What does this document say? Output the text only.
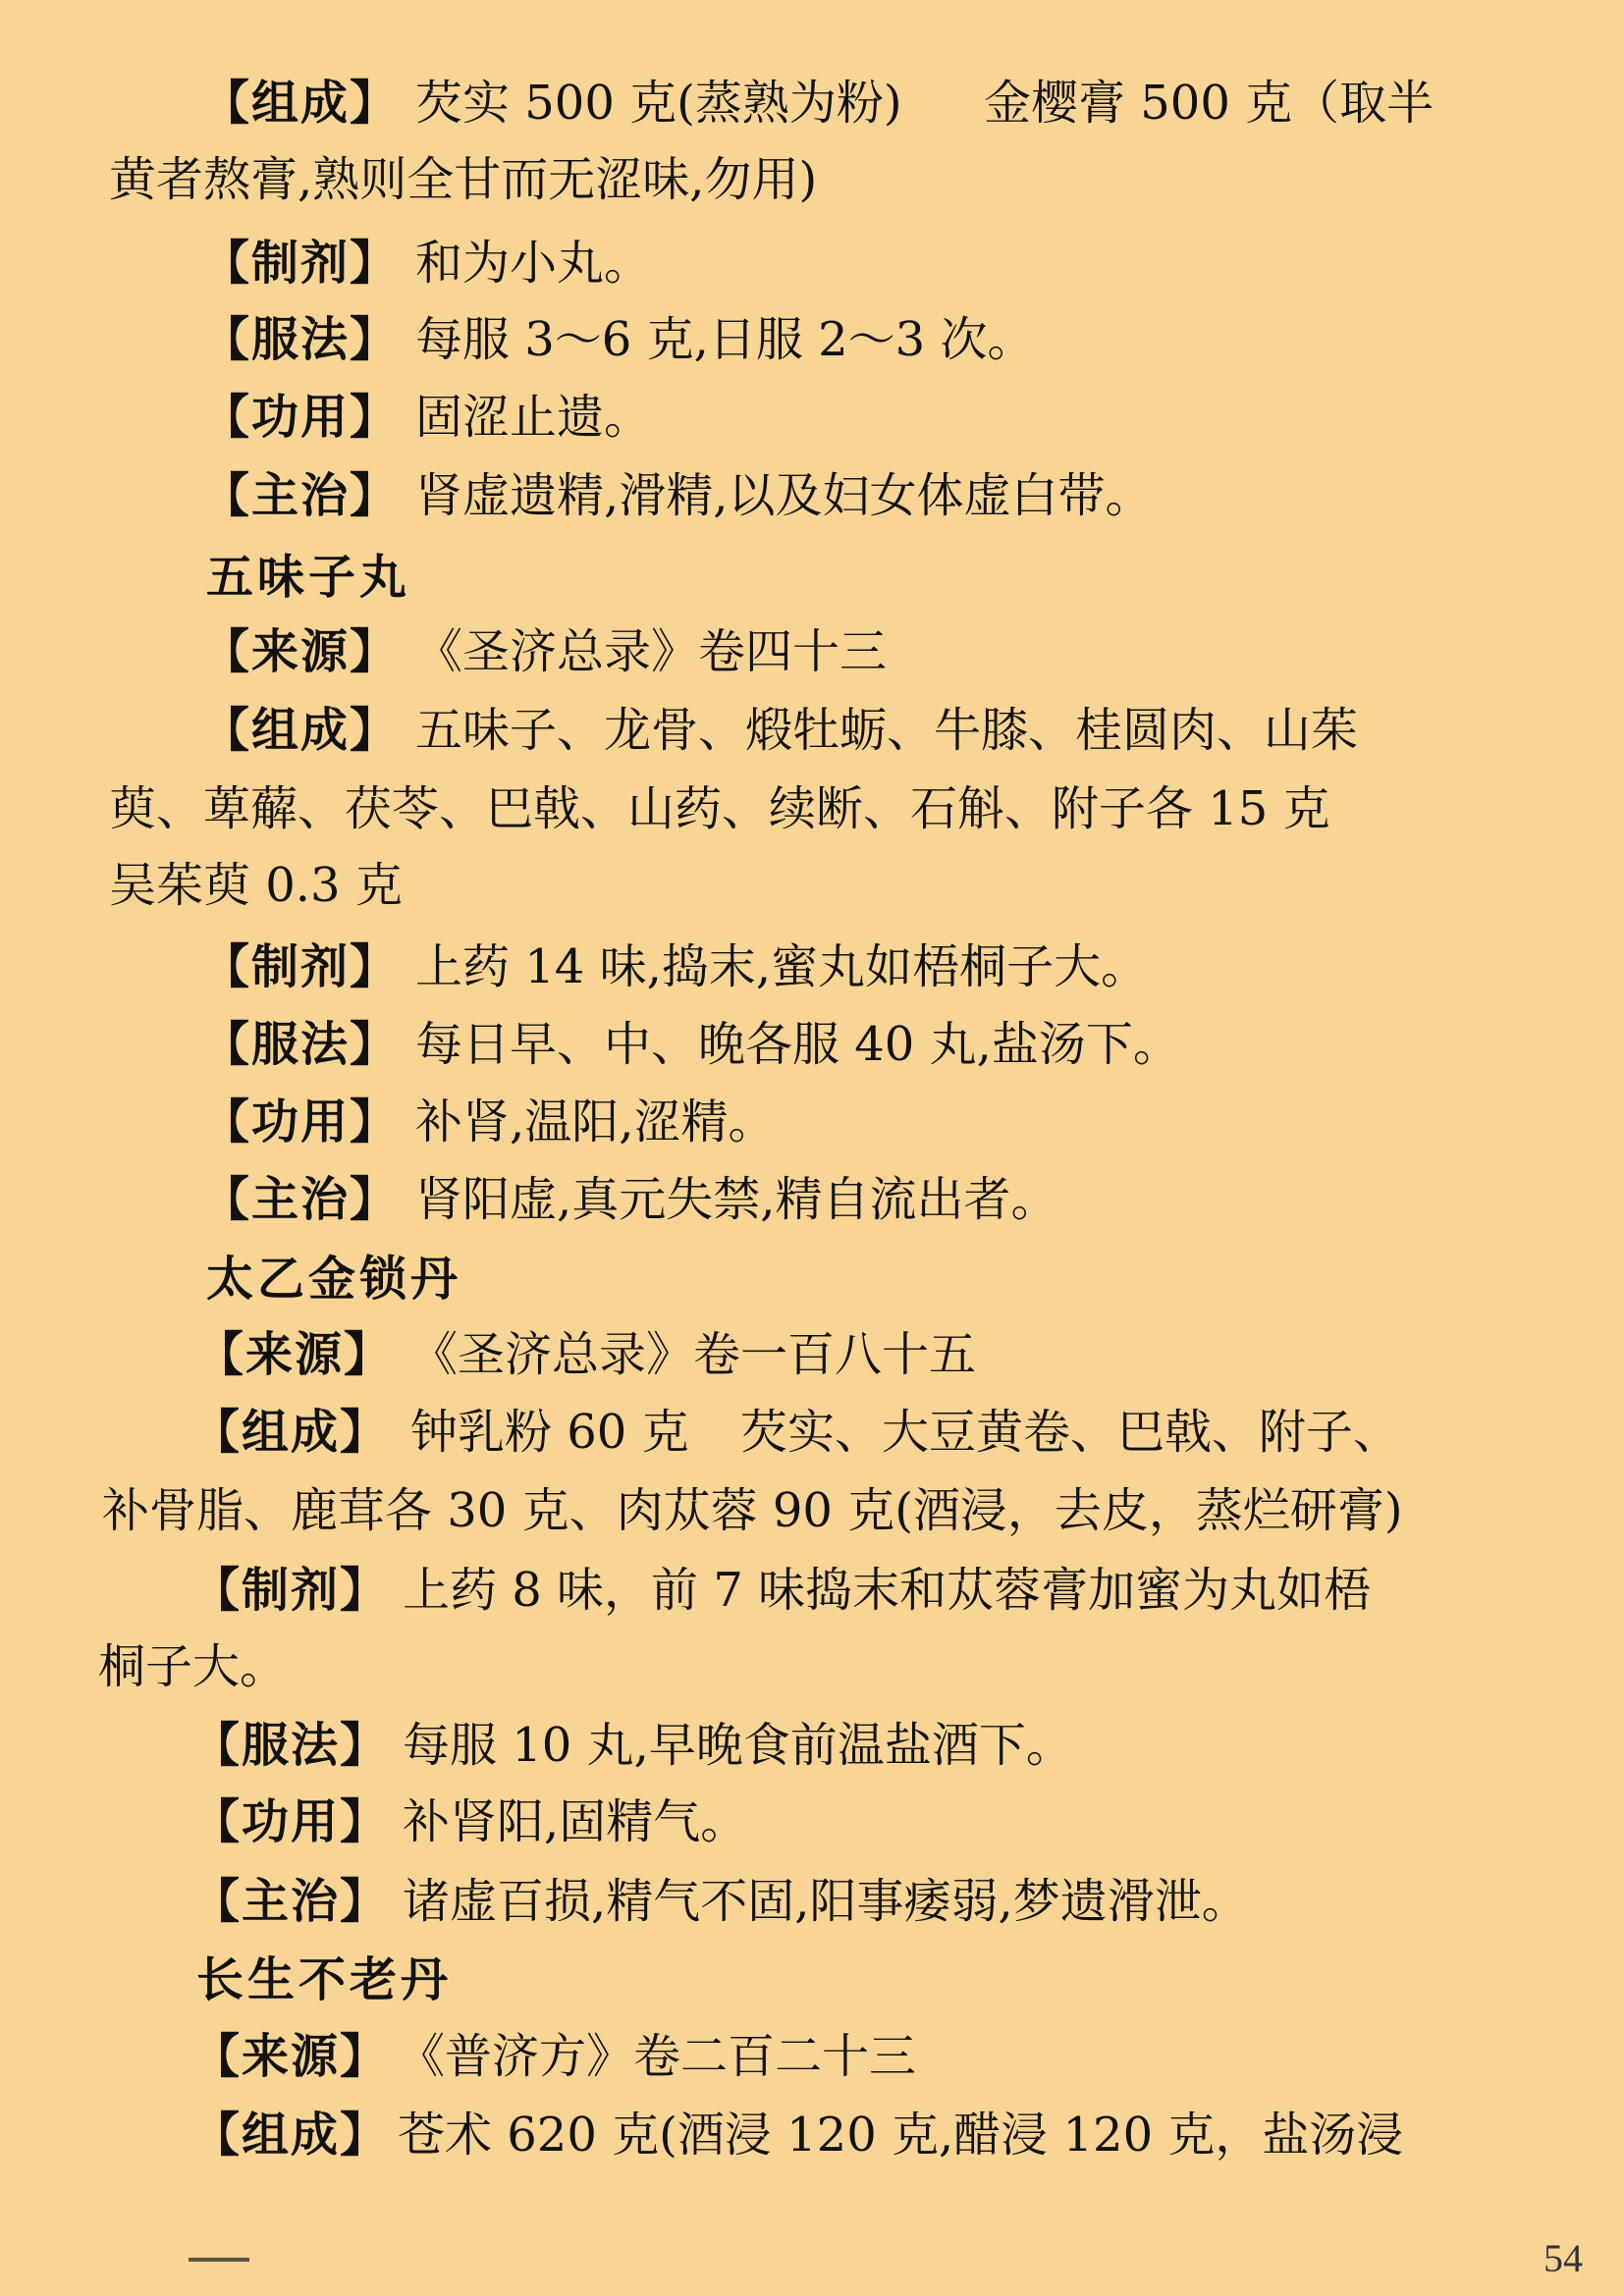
54
【组成】 芡实 500 克(蒸熟为粉) 金樱膏 500 克（取半
黄者熬膏,熟则全甘而无涩味,勿用)
【制剂】 和为小丸。
【服法】 每服 3～6 克,日服 2～3 次。
【功用】 固涩止遗。
【主治】 肾虚遗精,滑精,以及妇女体虚白带。
五味子丸
【来源】 《圣济总录》卷四十三
【组成】 五味子、龙骨、煅牡蛎、牛膝、桂圆肉、山茱
萸、萆薢、茯苓、巴戟、山药、续断、石斛、附子各 15 克
吴茱萸 0.3 克
【制剂】 上药 14 味,捣末,蜜丸如梧桐子大。
【服法】 每日早、中、晚各服 40 丸,盐汤下。
【功用】 补肾,温阳,涩精。
【主治】 肾阳虚,真元失禁,精自流出者。
太乙金锁丹
【来源】 《圣济总录》卷一百八十五
【组成】 钟乳粉 60 克 芡实、大豆黄卷、巴戟、附子、
补骨脂、鹿茸各 30 克、肉苁蓉 90 克(酒浸，去皮，蒸烂研膏)
【制剂】 上药 8 味，前 7 味捣末和苁蓉膏加蜜为丸如梧
桐子大。
【服法】 每服 10 丸,早晚食前温盐酒下。
【功用】 补肾阳,固精气。
【主治】 诸虚百损,精气不固,阳事痿弱,梦遗滑泄。
长生不老丹
【来源】 《普济方》卷二百二十三
【组成】 苍术 620 克(酒浸 120 克,醋浸 120 克，盐汤浸
